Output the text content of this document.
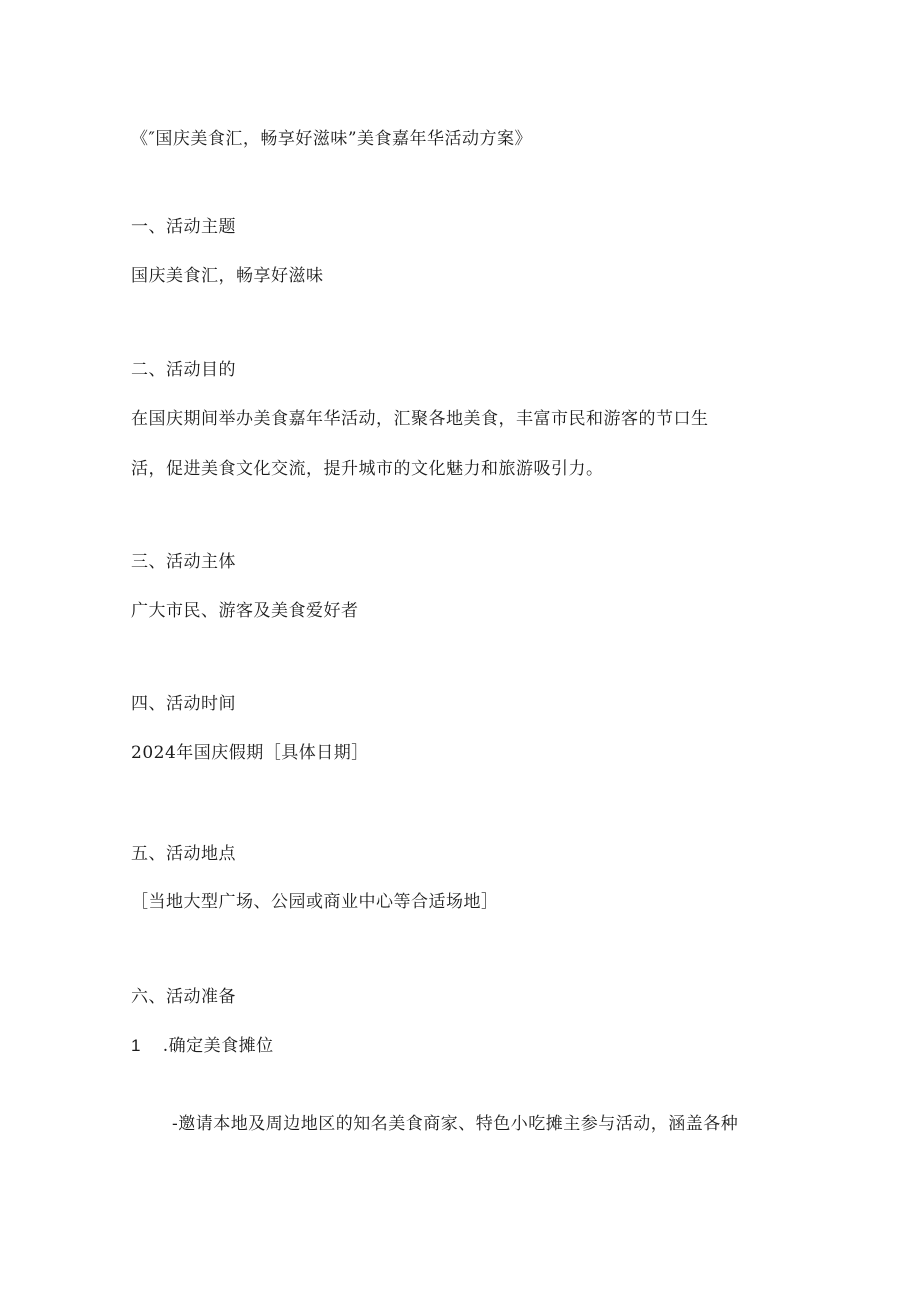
《″国庆美食汇，畅享好滋味”美食嘉年华活动方案》
一、活动主题
国庆美食汇，畅享好滋味
二、活动目的
在国庆期间举办美食嘉年华活动，汇聚各地美食，丰富市民和游客的节口生
活，促进美食文化交流，提升城市的文化魅力和旅游吸引力。
三、活动主体
广大市民、游客及美食爱好者
四、活动时间
2024年国庆假期［具体日期］
五、活动地点
［当地大型广场、公园或商业中心等合适场地］
六、活动准备
1 .确定美食摊位
-邀请本地及周边地区的知名美食商家、特色小吃摊主参与活动，涵盖各种
